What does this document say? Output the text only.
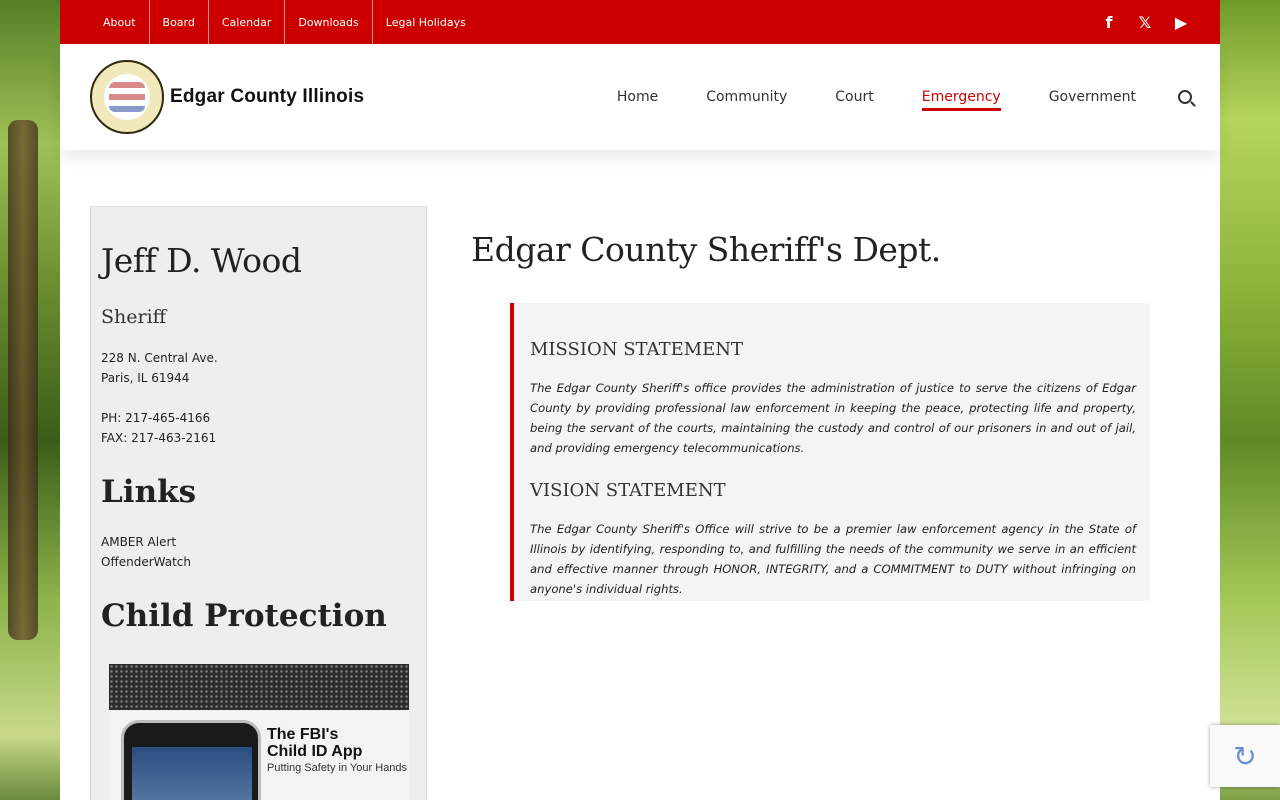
About	Board	Calendar	Downloads	Legal Holidays	f	𝕏 ▶
Edgar County Illinois	Home	Community	Court	Emergency	Government
Jeff D. Wood
Sheriff
228 N. Central Ave.
Paris, IL 61944
PH: 217-465-4166
FAX: 217-463-2161
Links
AMBER Alert
OffenderWatch
Child Protection
The FBI's
Child ID App
Putting Safety in Your Hands
Edgar County Sheriff's Dept.
MISSION STATEMENT

The Edgar County Sheriff's office provides the administration of justice to serve the citizens of Edgar County by providing professional law enforcement in keeping the peace, protecting life and property, being the servant of the courts, maintaining the custody and control of our prisoners in and out of jail, and providing emergency telecommunications.

VISION STATEMENT

The Edgar County Sheriff's Office will strive to be a premier law enforcement agency in the State of Illinois by identifying, responding to, and fulfilling the needs of the community we serve in an efficient and effective manner through HONOR, INTEGRITY, and a COMMITMENT to DUTY without infringing on anyone's individual rights.

↻
